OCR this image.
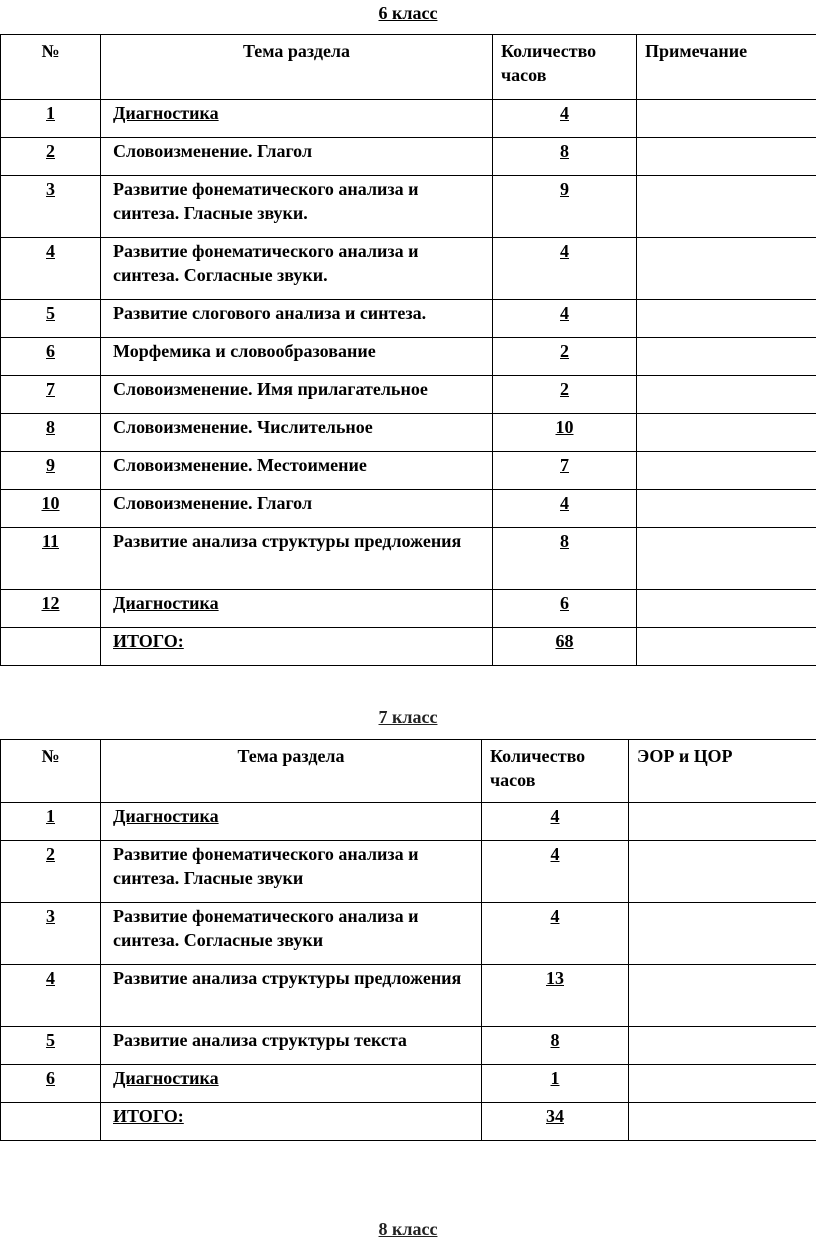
6 класс
№	Тема раздела	Количество часов	Примечание
1	Диагностика	4	
2	Словоизменение. Глагол	8	
3	Развитие фонематического анализа и синтеза. Гласные звуки.	9	
4	Развитие фонематического анализа и синтеза. Согласные звуки.	4	
5	Развитие слогового анализа и синтеза.	4	
6	Морфемика и словообразование	2	
7	Словоизменение. Имя прилагательное	2	
8	Словоизменение. Числительное	10	
9	Словоизменение. Местоимение	7	
10	Словоизменение. Глагол	4	
11	Развитие анализа структуры предложения	8	
12	Диагностика	6	
	ИТОГО:	68	
7 класс
№	Тема раздела	Количество часов	ЭОР и ЦОР
1	Диагностика	4	
2	Развитие фонематического анализа и синтеза. Гласные звуки	4	
3	Развитие фонематического анализа и синтеза. Согласные звуки	4	
4	Развитие анализа структуры предложения	13	
5	Развитие анализа структуры текста	8	
6	Диагностика	1	
	ИТОГО:	34	
8 класс
